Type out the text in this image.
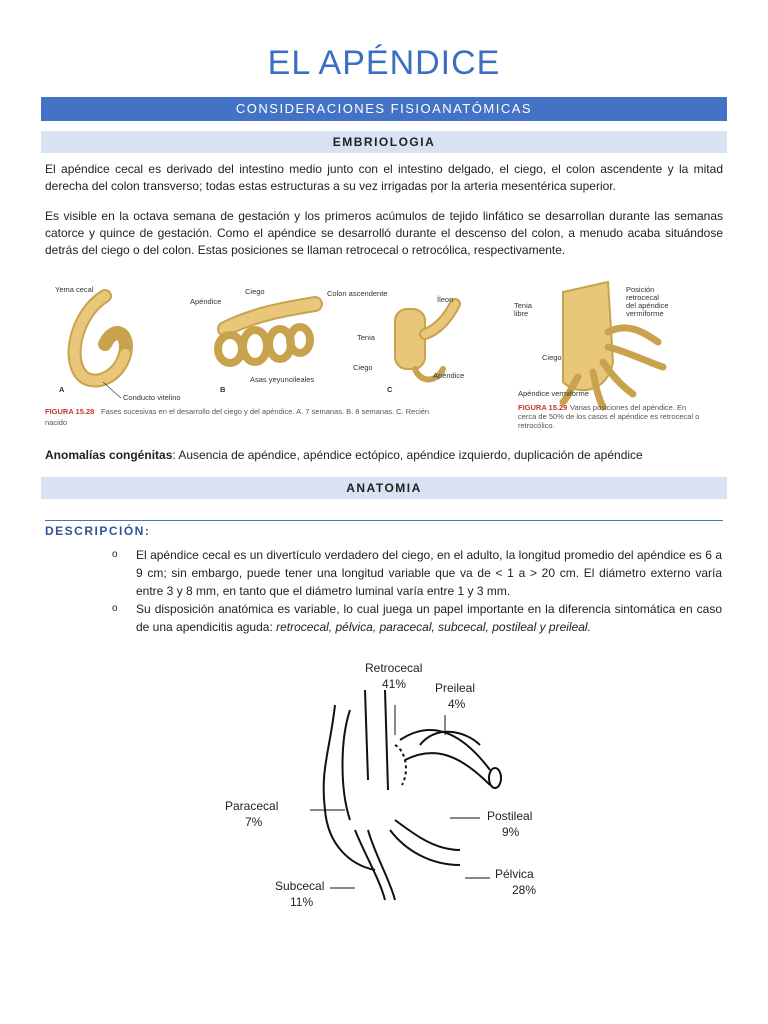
EL APÉNDICE
CONSIDERACIONES FISIOANATÓMICAS
EMBRIOLOGIA

El apéndice cecal es derivado del intestino medio junto con el intestino delgado, el ciego, el colon ascendente y la mitad derecha del colon transverso; todas estas estructuras a su vez irrigadas por la arteria mesentérica superior.

Es visible en la octava semana de gestación y los primeros acúmulos de tejido linfático se desarrollan durante las semanas catorce y quince de gestación. Como el apéndice se desarrolló durante el descenso del colon, a menudo acaba situándose detrás del ciego o del colon. Estas posiciones se llaman retrocecal o retrocólica, respectivamente.

Yema cecal
A
Conducto vitelino
Apéndice
Ciego
B
Asas yeyunoileales
Colon ascendente
Íleon
Tenia
Ciego
Apéndice
C
FIGURA 15.28 Fases sucesivas en el desarrollo del ciego y del apéndice. A. 7 semanas. B. 8 semanas. C. Recién
nacido
Posición
retrocecal
del apéndice
vermiforme
Tenia
libre
Ciego
Apéndice vermiforme
FIGURA 15.29 Varias posiciones del apéndice. En
cerca de 50% de los casos el apéndice es retrocecal o
retrocólico.

Anomalías congénitas: Ausencia de apéndice, apéndice ectópico, apéndice izquierdo, duplicación de apéndice

ANATOMIA
DESCRIPCIÓN:
o El apéndice cecal es un divertículo verdadero del ciego, en el adulto, la longitud promedio del apéndice es 6 a 9 cm; sin embargo, puede tener una longitud variable que va de < 1 a > 20 cm. El diámetro externo varía entre 3 y 8 mm, en tanto que el diámetro luminal varía entre 1 y 3 mm.
o Su disposición anatómica es variable, lo cual juega un papel importante en la diferencia sintomática en caso de una apendicitis aguda: retrocecal, pélvica, paracecal, subcecal, postileal y preileal.
Retrocecal
41% Preileal
4%
Paracecal
7%	Postileal
9%
Subcecal
11%
Pélvica
28%
